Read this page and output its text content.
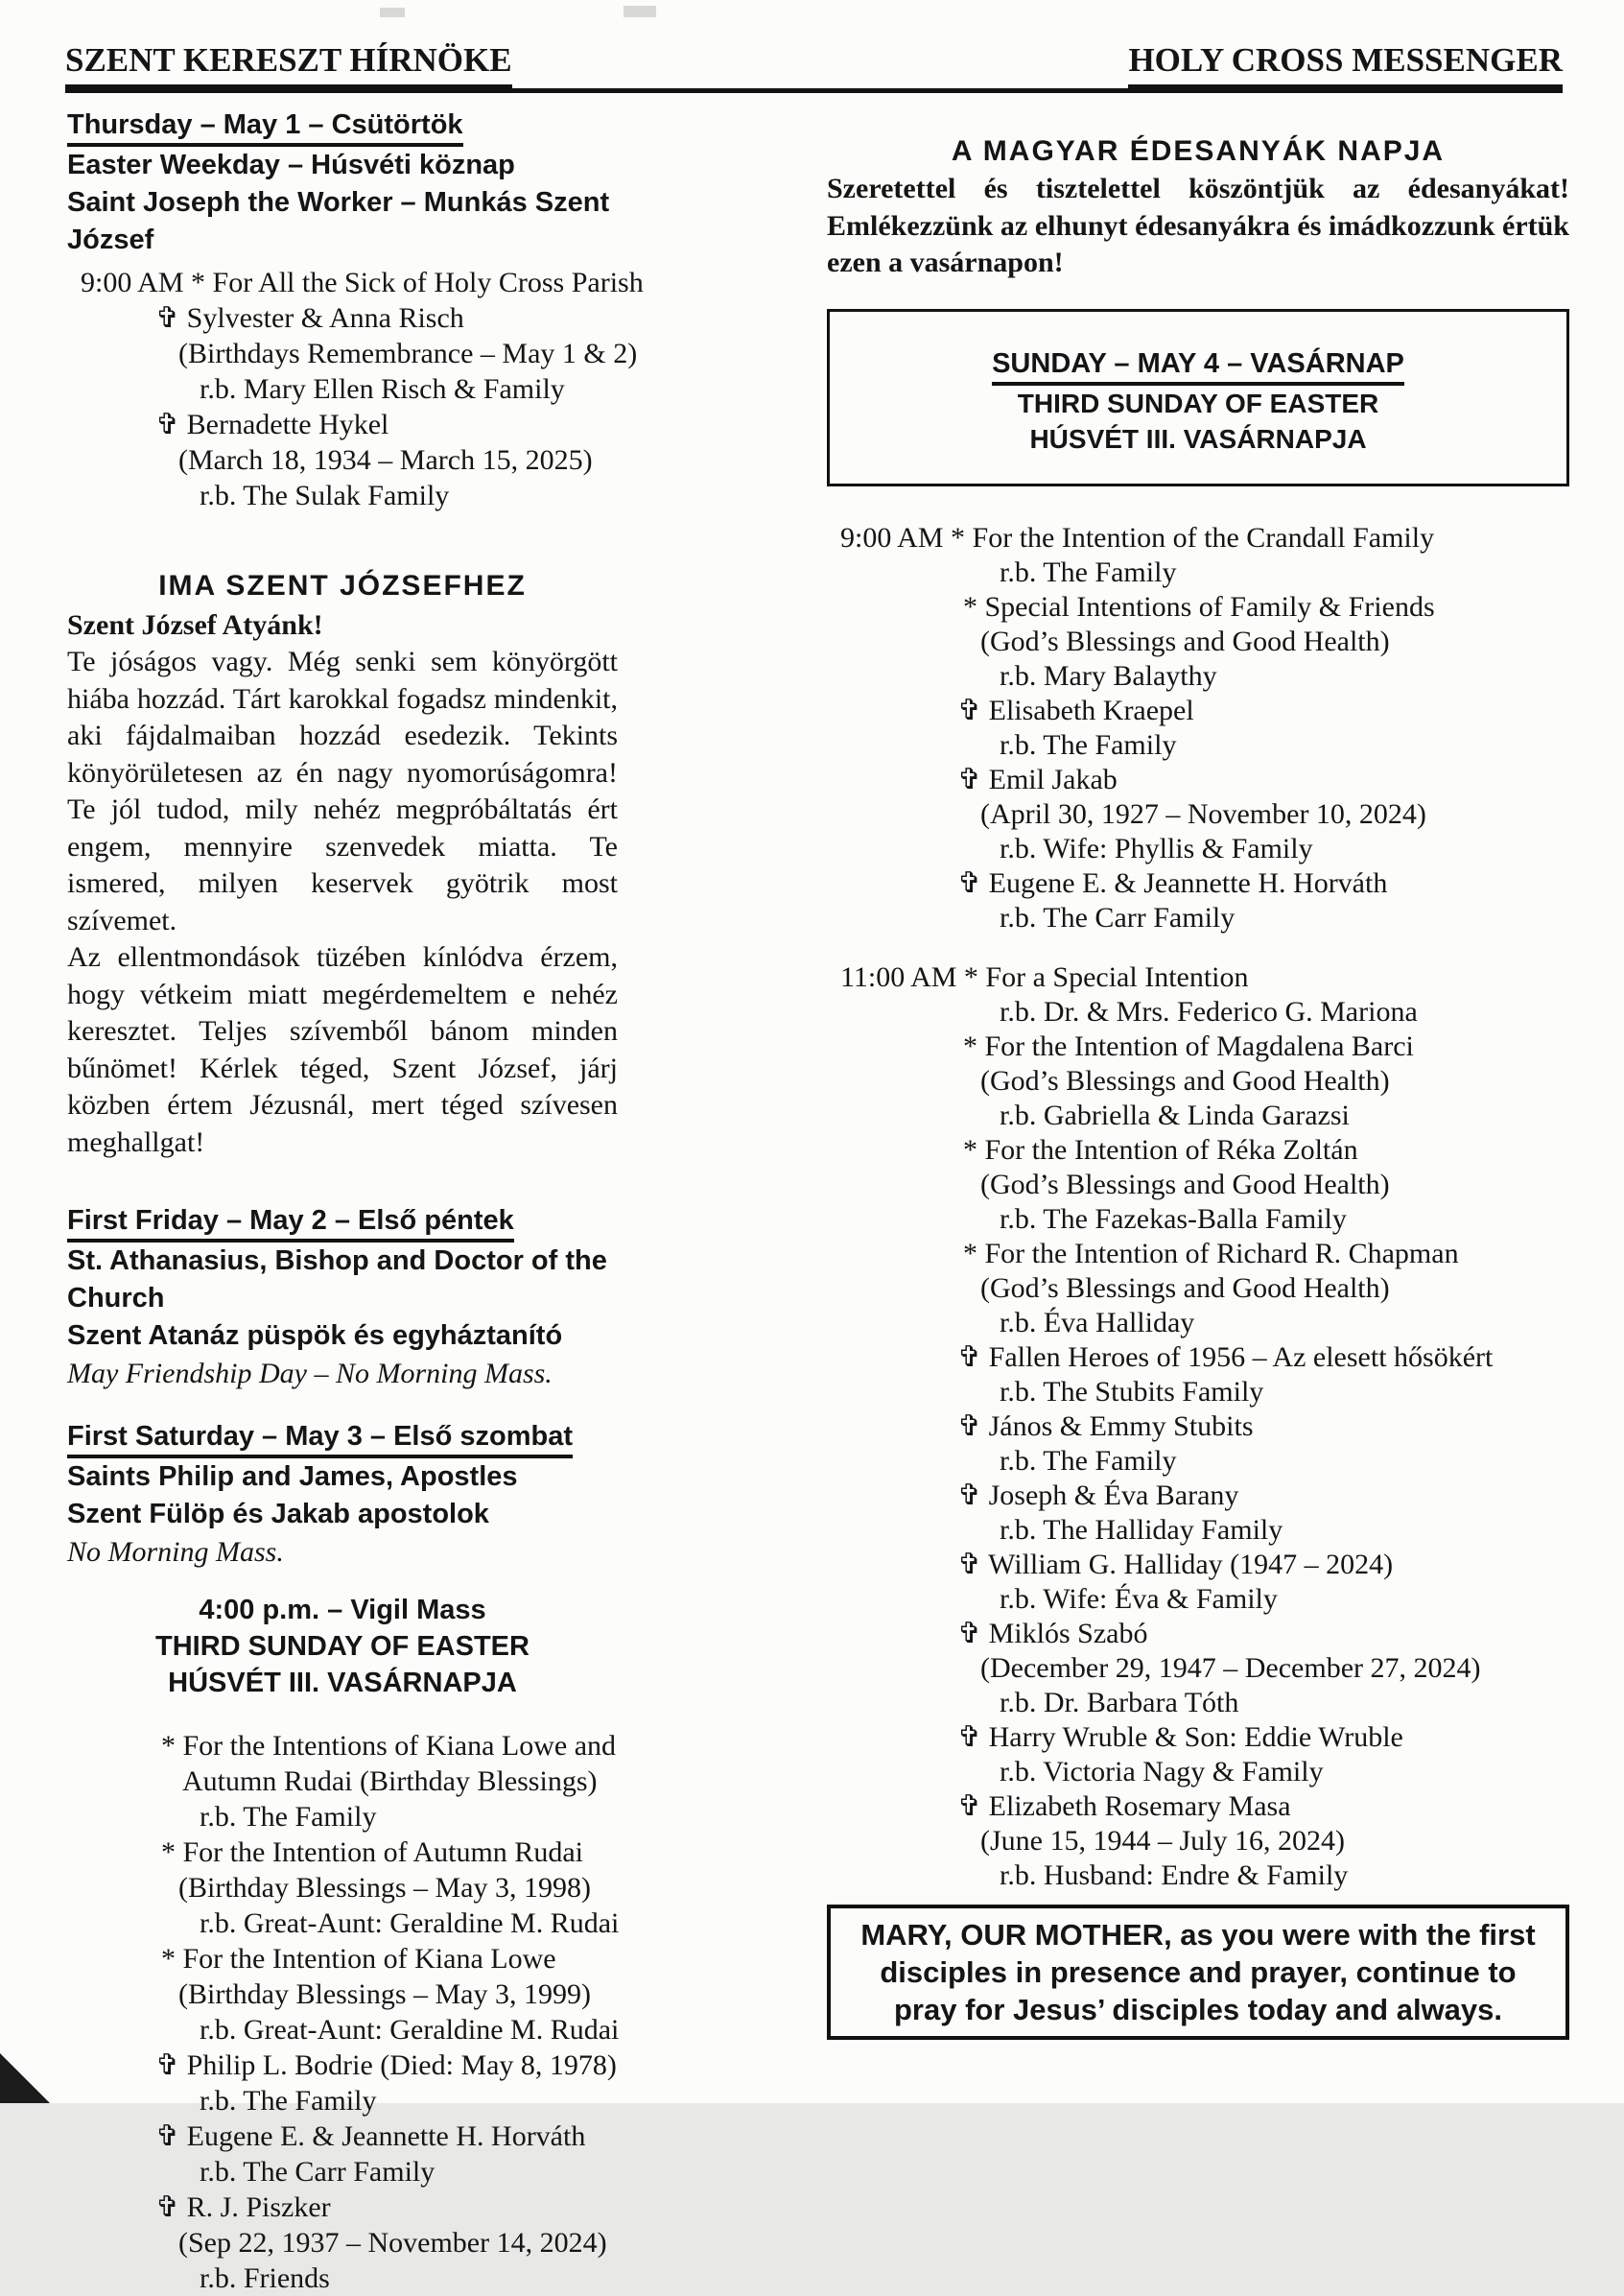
SZENT KERESZT HÍRNÖKE	HOLY CROSS MESSENGER
Thursday – May 1 – Csütörtök
Easter Weekday – Húsvéti köznap
Saint Joseph the Worker – Munkás Szent József
9:00 AM * For All the Sick of Holy Cross Parish
✞ Sylvester & Anna Risch
(Birthdays Remembrance – May 1 & 2)
r.b. Mary Ellen Risch & Family
✞ Bernadette Hykel
(March 18, 1934 – March 15, 2025)
r.b. The Sulak Family
IMA SZENT JÓZSEFHEZ
Szent József Atyánk!

Te jóságos vagy. Még senki sem könyörgött hiába hozzád. Tárt karokkal fogadsz mindenkit, aki fájdalmaiban hozzád esedezik. Tekints könyörületesen az én nagy nyomorúságomra! Te jól tudod, mily nehéz megpróbáltatás ért engem, mennyire szenvedek miatta. Te ismered, milyen keservek gyötrik most szívemet.

Az ellentmondások tüzében kínlódva érzem, hogy vétkeim miatt megérdemeltem e nehéz keresztet. Teljes szívemből bánom minden bűnömet! Kérlek téged, Szent József, járj közben értem Jézusnál, mert téged szívesen meghallgat!

First Friday – May 2 – Első péntek
St. Athanasius, Bishop and Doctor of the Church
Szent Atanáz püspök és egyháztanító
May Friendship Day – No Morning Mass.
First Saturday – May 3 – Első szombat
Saints Philip and James, Apostles
Szent Fülöp és Jakab apostolok
No Morning Mass.
4:00 p.m. – Vigil Mass
THIRD SUNDAY OF EASTER
HÚSVÉT III. VASÁRNAPJA
* For the Intentions of Kiana Lowe and
Autumn Rudai (Birthday Blessings)
r.b. The Family
* For the Intention of Autumn Rudai
(Birthday Blessings – May 3, 1998)
r.b. Great-Aunt: Geraldine M. Rudai
* For the Intention of Kiana Lowe
(Birthday Blessings – May 3, 1999)
r.b. Great-Aunt: Geraldine M. Rudai
✞ Philip L. Bodrie (Died: May 8, 1978)
r.b. The Family
✞ Eugene E. & Jeannette H. Horváth
r.b. The Carr Family
✞ R. J. Piszker
(Sep 22, 1937 – November 14, 2024)
r.b. Friends
A MAGYAR ÉDESANYÁK NAPJA

Szeretettel és tisztelettel köszöntjük az édesanyákat! Emlékezzünk az elhunyt édesanyákra és imádkozzunk értük ezen a vasárnapon!

SUNDAY – MAY 4 – VASÁRNAP
THIRD SUNDAY OF EASTER
HÚSVÉT III. VASÁRNAPJA
9:00 AM * For the Intention of the Crandall Family
r.b. The Family
* Special Intentions of Family & Friends
(God’s Blessings and Good Health)
r.b. Mary Balaythy
✞ Elisabeth Kraepel
r.b. The Family
✞ Emil Jakab
(April 30, 1927 – November 10, 2024)
r.b. Wife: Phyllis & Family
✞ Eugene E. & Jeannette H. Horváth
r.b. The Carr Family
11:00 AM * For a Special Intention
r.b. Dr. & Mrs. Federico G. Mariona
* For the Intention of Magdalena Barci
(God’s Blessings and Good Health)
r.b. Gabriella & Linda Garazsi
* For the Intention of Réka Zoltán
(God’s Blessings and Good Health)
r.b. The Fazekas-Balla Family
* For the Intention of Richard R. Chapman
(God’s Blessings and Good Health)
r.b. Éva Halliday
✞ Fallen Heroes of 1956 – Az elesett hősökért
r.b. The Stubits Family
✞ János & Emmy Stubits
r.b. The Family
✞ Joseph & Éva Barany
r.b. The Halliday Family
✞ William G. Halliday (1947 – 2024)
r.b. Wife: Éva & Family
✞ Miklós Szabó
(December 29, 1947 – December 27, 2024)
r.b. Dr. Barbara Tóth
✞ Harry Wruble & Son: Eddie Wruble
r.b. Victoria Nagy & Family
✞ Elizabeth Rosemary Masa
(June 15, 1944 – July 16, 2024)
r.b. Husband: Endre & Family
MARY, OUR MOTHER, as you were with the first disciples in presence and prayer, continue to pray for Jesus’ disciples today and always.
